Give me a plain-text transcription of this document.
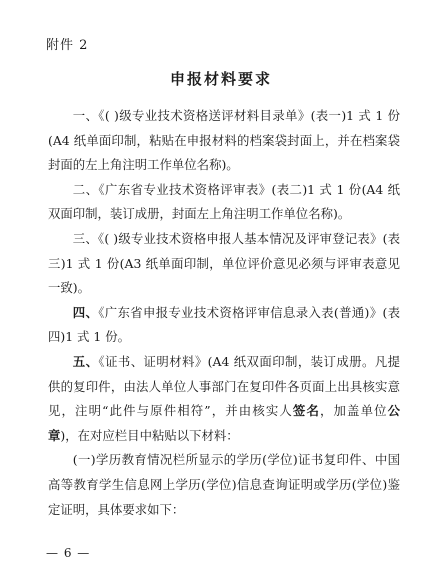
附件 2
申报材料要求

一、《( )级专业技术资格送评材料目录单》(表一)1 式 1 份(A4 纸单面印制，粘贴在申报材料的档案袋封面上，并在档案袋封面的左上角注明工作单位名称)。

二、《广东省专业技术资格评审表》(表二)1 式 1 份(A4 纸双面印制，装订成册，封面左上角注明工作单位名称)。

三、《( )级专业技术资格申报人基本情况及评审登记表》(表三)1 式 1 份(A3 纸单面印制，单位评价意见必须与评审表意见一致)。

四、《广东省申报专业技术资格评审信息录入表(普通)》(表四)1 式 1 份。

五、《证书、证明材料》(A4 纸双面印制，装订成册。凡提供的复印件，由法人单位人事部门在复印件各页面上出具核实意见，注明“此件与原件相符”，并由核实人签名，加盖单位公章)，在对应栏目中粘贴以下材料：

(一)学历教育情况栏所显示的学历(学位)证书复印件、中国高等教育学生信息网上学历(学位)信息查询证明或学历(学位)鉴定证明，具体要求如下：

— 6 —
